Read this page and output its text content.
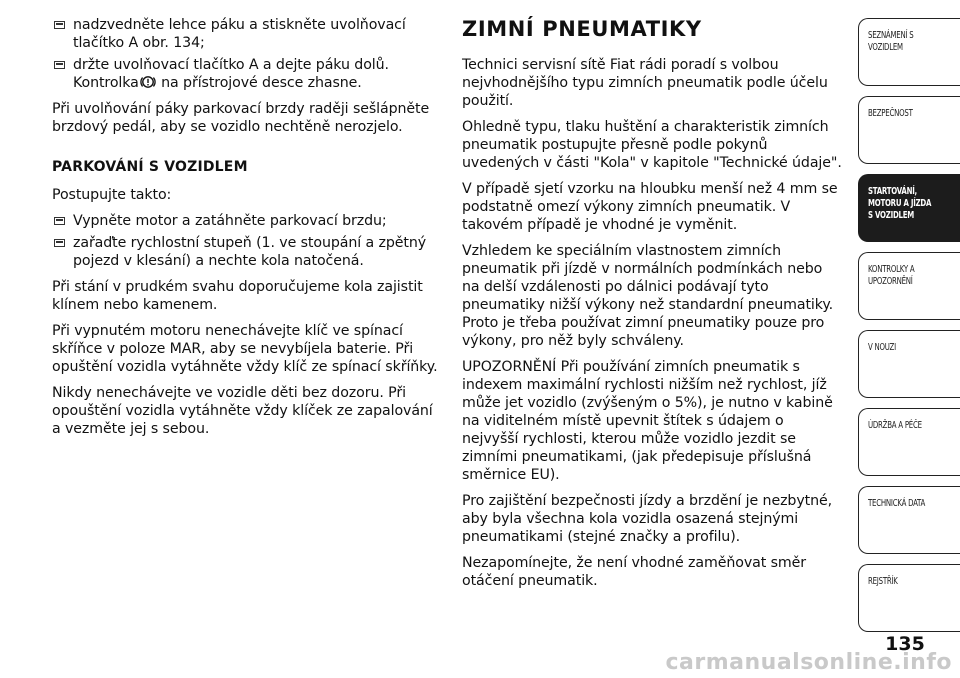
nadzvedněte lehce páku a stiskněte uvolňovací tlačítko A obr. 134;
držte uvolňovací tlačítko A a dejte páku dolů.
Kontrolka na přístrojové desce zhasne.

Při uvolňování páky parkovací brzdy raději sešlápněte brzdový pedál, aby se vozidlo nechtěně nerozjelo.

PARKOVÁNÍ S VOZIDLEM

Postupujte takto:

Vypněte motor a zatáhněte parkovací brzdu;
zařaďte rychlostní stupeň (1. ve stoupání a zpětný pojezd v klesání) a nechte kola natočená.

Při stání v prudkém svahu doporučujeme kola zajistit klínem nebo kamenem.

Při vypnutém motoru nenechávejte klíč ve spínací skříňce v poloze MAR, aby se nevybíjela baterie. Při opuštění vozidla vytáhněte vždy klíč ze spínací skříňky.

Nikdy nenechávejte ve vozidle děti bez dozoru. Při opouštění vozidla vytáhněte vždy klíček ze zapalování a vezměte jej s sebou.

ZIMNÍ PNEUMATIKY

Technici servisní sítě Fiat rádi poradí s volbou nejvhodnějšího typu zimních pneumatik podle účelu použití.

Ohledně typu, tlaku huštění a charakteristik zimních pneumatik postupujte přesně podle pokynů uvedených v části "Kola" v kapitole "Technické údaje".

V případě sjetí vzorku na hloubku menší než 4 mm se podstatně omezí výkony zimních pneumatik. V takovém případě je vhodné je vyměnit.

Vzhledem ke speciálním vlastnostem zimních pneumatik při jízdě v normálních podmínkách nebo na delší vzdálenosti po dálnici podávají tyto pneumatiky nižší výkony než standardní pneumatiky. Proto je třeba používat zimní pneumatiky pouze pro výkony, pro něž byly schváleny.

UPOZORNĚNÍ Při používání zimních pneumatik s indexem maximální rychlosti nižším než rychlost, jíž může jet vozidlo (zvýšeným o 5%), je nutno v kabině na viditelném místě upevnit štítek s údajem o nejvyšší rychlosti, kterou může vozidlo jezdit se zimními pneumatikami, (jak předepisuje příslušná směrnice EU).

Pro zajištění bezpečnosti jízdy a brzdění je nezbytné, aby byla všechna kola vozidla osazená stejnými pneumatikami (stejné značky a profilu).

Nezapomínejte, že není vhodné zaměňovat směr otáčení pneumatik.

SEZNÁMENÍ S
VOZIDLEM
BEZPEČNOST
STARTOVÁNÍ,
MOTORU A JÍZDA
S VOZIDLEM
KONTROLKY A
UPOZORNĚNÍ
V NOUZI
ÚDRŽBA A PÉČE
TECHNICKÁ DATA
REJSTŘÍK
135
carmanualsonline.info
